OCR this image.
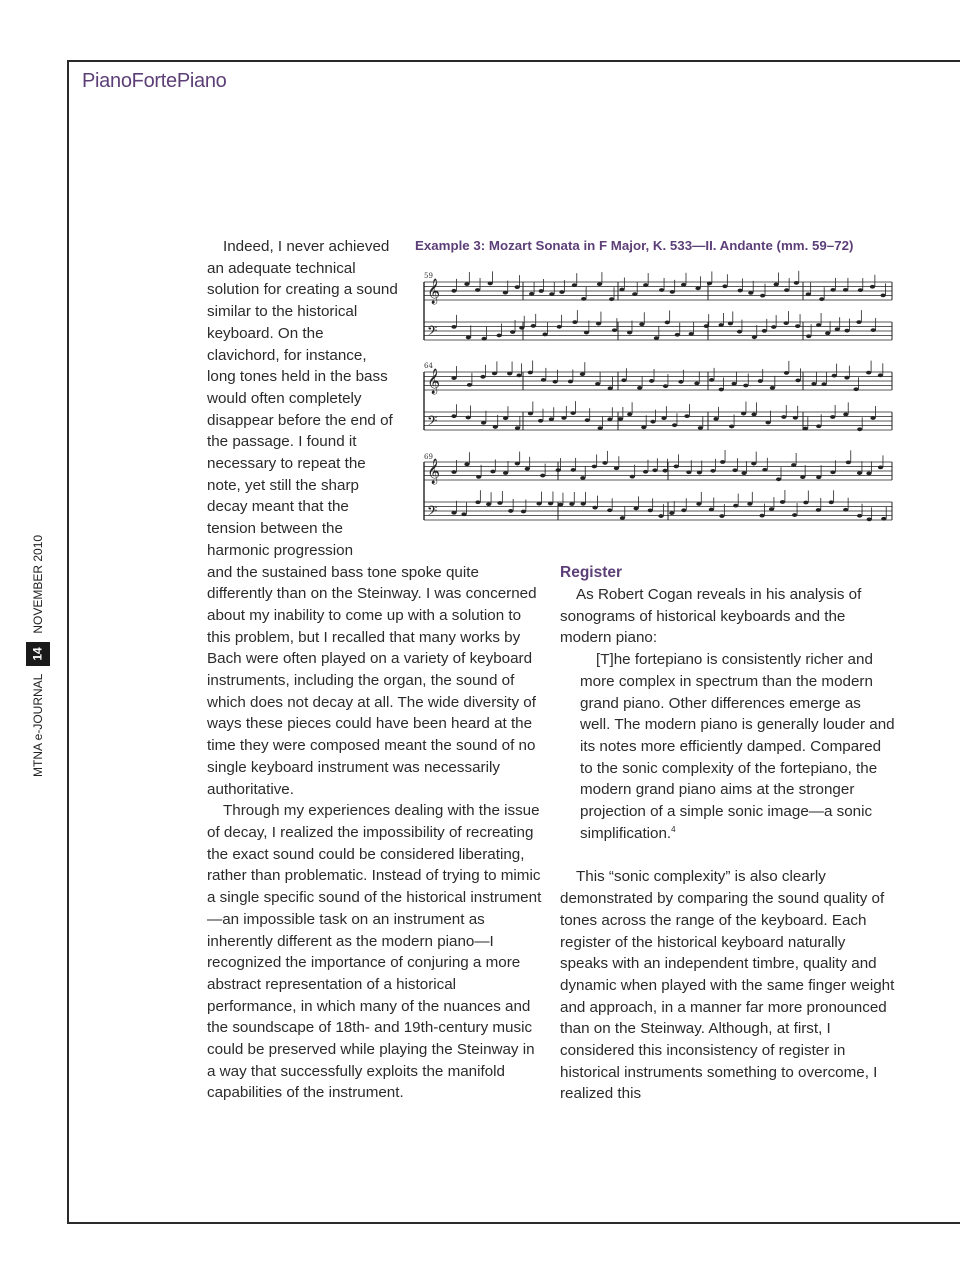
PianoFortePiano
MTNA e-JOURNAL
14
NOVEMBER 2010
Example 3: Mozart Sonata in F Major, K. 533—II. Andante (mm. 59–72)
𝄞
𝄢
𝄞
𝄢
𝄞
𝄢
59
64
69

Indeed, I never achieved an adequate technical solution for creating a sound similar to the historical keyboard. On the clavichord, for instance, long tones held in the bass would often completely disappear before the end of the passage. I found it necessary to repeat the note, yet still the sharp decay meant that the tension between the harmonic progression

and the sustained bass tone spoke quite differently than on the Steinway. I was concerned about my inability to come up with a solution to this problem, but I recalled that many works by Bach were often played on a variety of keyboard instruments, including the organ, the sound of which does not decay at all. The wide diversity of ways these pieces could have been heard at the time they were composed meant the sound of no single keyboard instrument was necessarily authoritative.

Through my experiences dealing with the issue of decay, I realized the impossibility of recreating the exact sound could be considered liberating, rather than problematic. Instead of trying to mimic a single specific sound of the historical instrument—an impossible task on an instrument as inherently different as the modern piano—I recognized the importance of conjuring a more abstract representation of a historical performance, in which many of the nuances and the soundscape of 18th- and 19th-century music could be preserved while playing the Steinway in a way that successfully exploits the manifold capabilities of the instrument.

Register

As Robert Cogan reveals in his analysis of sonograms of historical keyboards and the modern piano:

[T]he fortepiano is consistently richer and more complex in spectrum than the modern grand piano. Other differences emerge as well. The modern piano is generally louder and its notes more efficiently damped. Compared to the sonic complexity of the fortepiano, the modern grand piano aims at the stronger projection of a simple sonic image—a sonic simplification.$^4$

This “sonic complexity” is also clearly demonstrated by comparing the sound quality of tones across the range of the keyboard. Each register of the historical keyboard naturally speaks with an independent timbre, quality and dynamic when played with the same finger weight and approach, in a manner far more pronounced than on the Steinway. Although, at first, I considered this inconsistency of register in historical instruments something to overcome, I realized this
